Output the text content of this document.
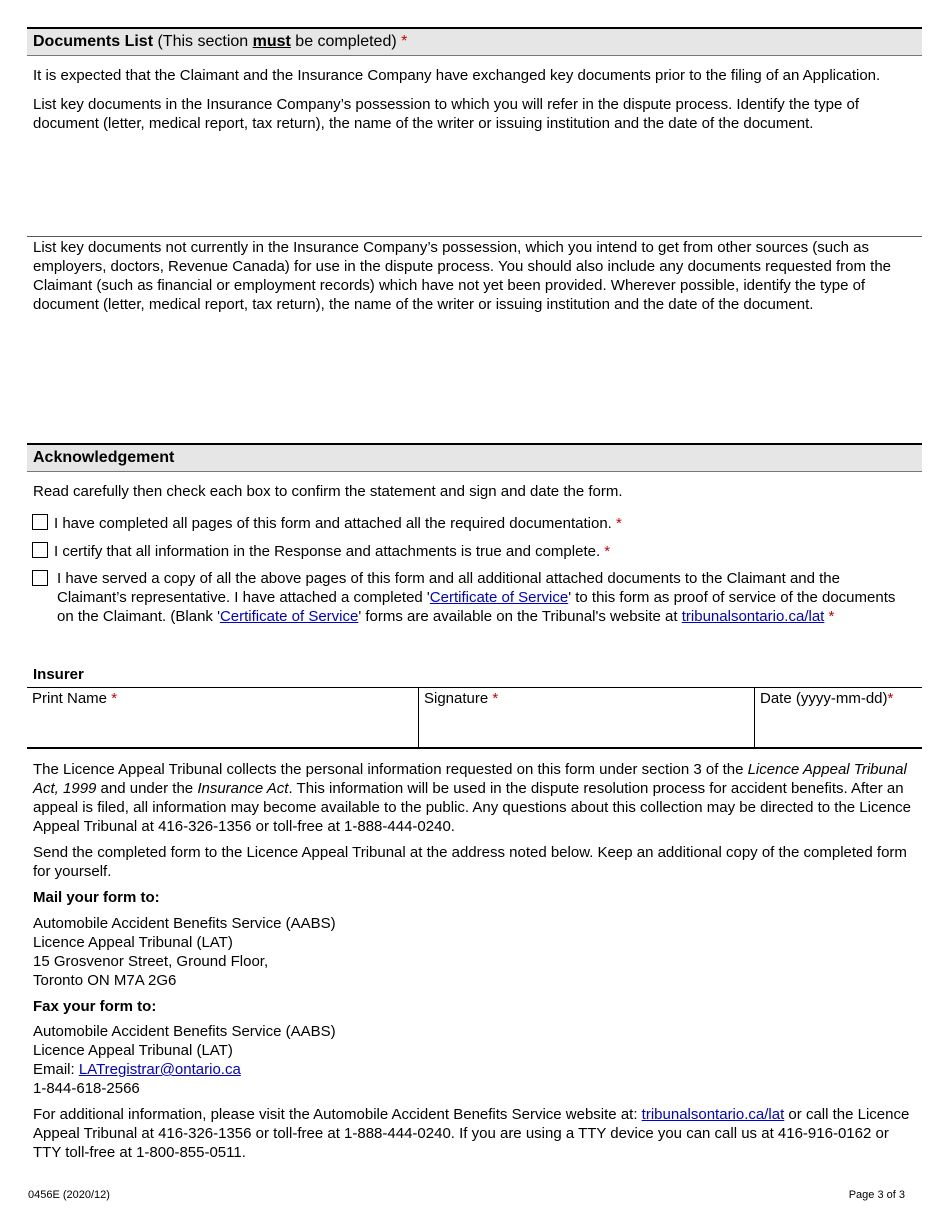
Documents List (This section must be completed) *
It is expected that the Claimant and the Insurance Company have exchanged key documents prior to the filing of an Application.
List key documents in the Insurance Company’s possession to which you will refer in the dispute process. Identify the type of document (letter, medical report, tax return), the name of the writer or issuing institution and the date of the document.
List key documents not currently in the Insurance Company’s possession, which you intend to get from other sources (such as employers, doctors, Revenue Canada) for use in the dispute process. You should also include any documents requested from the Claimant (such as financial or employment records) which have not yet been provided. Wherever possible, identify the type of document (letter, medical report, tax return), the name of the writer or issuing institution and the date of the document.
Acknowledgement
Read carefully then check each box to confirm the statement and sign and date the form.
I have completed all pages of this form and attached all the required documentation. *
I certify that all information in the Response and attachments is true and complete. *
I have served a copy of all the above pages of this form and all additional attached documents to the Claimant and the Claimant’s representative. I have attached a completed 'Certificate of Service' to this form as proof of service of the documents on the Claimant. (Blank 'Certificate of Service' forms are available on the Tribunal's website at tribunalsontario.ca/lat *
Insurer
Print Name *	Signature *	Date (yyyy-mm-dd)*
The Licence Appeal Tribunal collects the personal information requested on this form under section 3 of the Licence Appeal Tribunal Act, 1999 and under the Insurance Act. This information will be used in the dispute resolution process for accident benefits. After an appeal is filed, all information may become available to the public. Any questions about this collection may be directed to the Licence Appeal Tribunal at 416-326-1356 or toll-free at 1-888-444-0240.
Send the completed form to the Licence Appeal Tribunal at the address noted below. Keep an additional copy of the completed form for yourself.
Mail your form to:
Automobile Accident Benefits Service (AABS)
Licence Appeal Tribunal (LAT)
15 Grosvenor Street, Ground Floor,
Toronto ON M7A 2G6
Fax your form to:
Automobile Accident Benefits Service (AABS)
Licence Appeal Tribunal (LAT)
Email: LATregistrar@ontario.ca
1-844-618-2566
For additional information, please visit the Automobile Accident Benefits Service website at: tribunalsontario.ca/lat or call the Licence Appeal Tribunal at 416-326-1356 or toll-free at 1-888-444-0240. If you are using a TTY device you can call us at 416-916-0162 or TTY toll-free at 1-800-855-0511.
0456E (2020/12)	Page 3 of 3
